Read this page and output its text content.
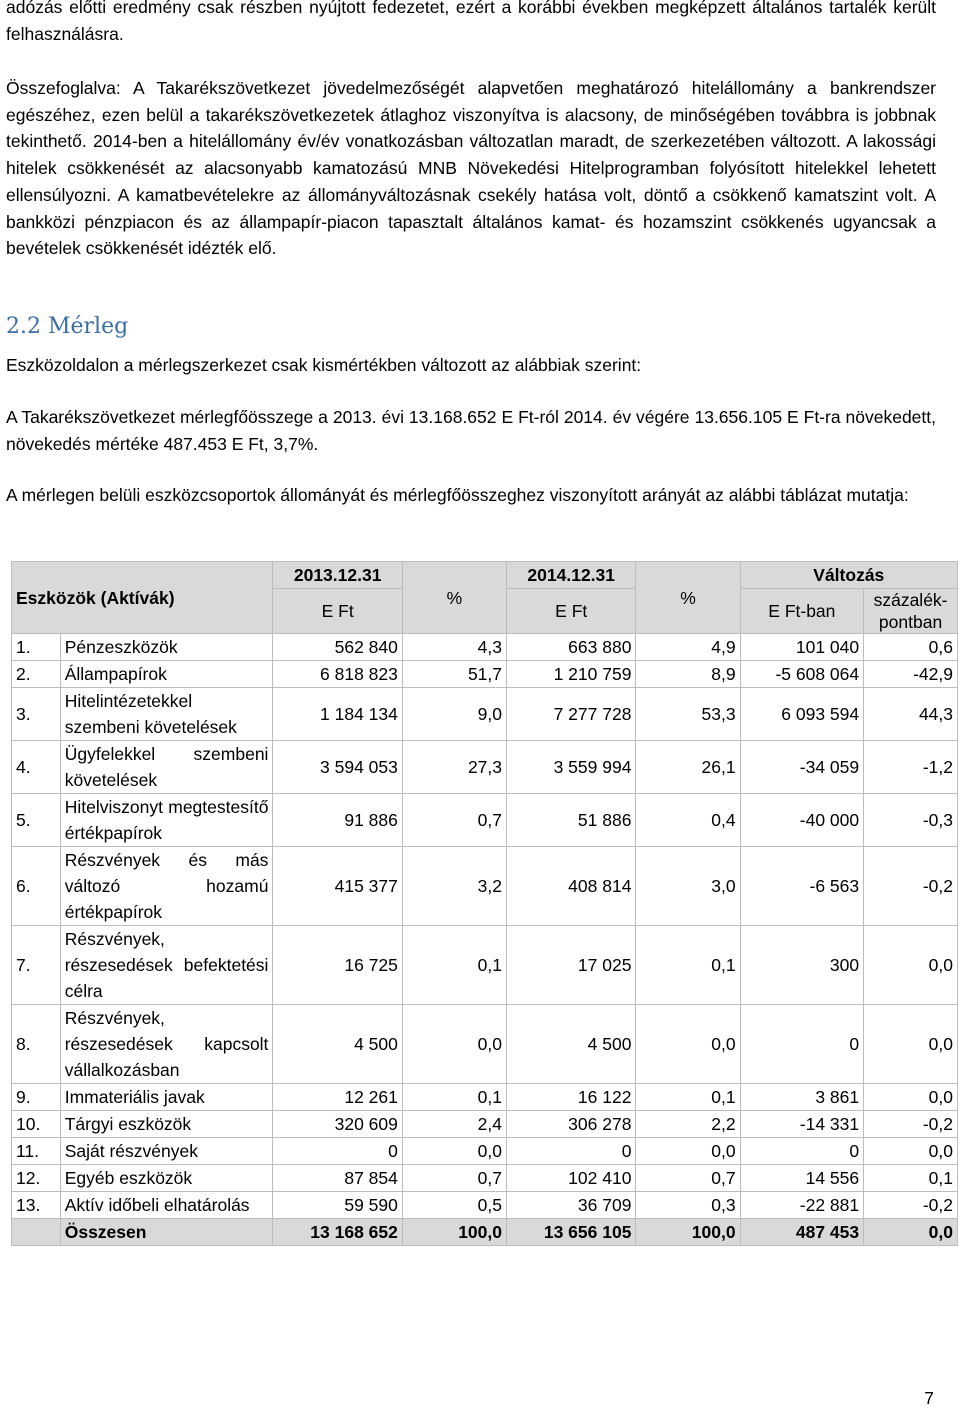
adózás előtti eredmény csak részben nyújtott fedezetet, ezért a korábbi években megképzett általános tartalék került felhasználásra.

Összefoglalva: A Takarékszövetkezet jövedelmezőségét alapvetően meghatározó hitelállomány a bankrendszer egészéhez, ezen belül a takarékszövetkezetek átlaghoz viszonyítva is alacsony, de minőségében továbbra is jobbnak tekinthető. 2014-ben a hitelállomány év/év vonatkozásban változatlan maradt, de szerkezetében változott. A lakossági hitelek csökkenését az alacsonyabb kamatozású MNB Növekedési Hitelprogramban folyósított hitelekkel lehetett ellensúlyozni. A kamatbevételekre az állományváltozásnak csekély hatása volt, döntő a csökkenő kamatszint volt. A bankközi pénzpiacon és az állampapír-piacon tapasztalt általános kamat- és hozamszint csökkenés ugyancsak a bevételek csökkenését idézték elő.

2.2 Mérleg

Eszközoldalon a mérlegszerkezet csak kismértékben változott az alábbiak szerint:

A Takarékszövetkezet mérlegfőösszege a 2013. évi 13.168.652 E Ft-ról 2014. év végére 13.656.105 E Ft-ra növekedett, növekedés mértéke 487.453 E Ft, 3,7%.

A mérlegen belüli eszközcsoportok állományát és mérlegfőösszeghez viszonyított arányát az alábbi táblázat mutatja:

Eszközök (Aktívák)		2013.12.31	%	2014.12.31	%	Változás	
		E Ft		E Ft		E Ft-ban	százalék-pontban
1.	Pénzeszközök	562 840	4,3	663 880	4,9	101 040	0,6
2.	Állampapírok	6 818 823	51,7	1 210 759	8,9	-5 608 064	-42,9
3.	Hitelintézetekkel szembeni követelések	1 184 134	9,0	7 277 728	53,3	6 093 594	44,3
4.	Ügyfelekkel szembeni követelések	3 594 053	27,3	3 559 994	26,1	-34 059	-1,2
5.	Hitelviszonyt megtestesítő értékpapírok	91 886	0,7	51 886	0,4	-40 000	-0,3
6.	Részvények és más változó hozamú értékpapírok	415 377	3,2	408 814	3,0	-6 563	-0,2
7.	Részvények, részesedések befektetési célra	16 725	0,1	17 025	0,1	300	0,0
8.	Részvények, részesedések kapcsolt vállalkozásban	4 500	0,0	4 500	0,0	0	0,0
9.	Immateriális javak	12 261	0,1	16 122	0,1	3 861	0,0
10.	Tárgyi eszközök	320 609	2,4	306 278	2,2	-14 331	-0,2
11.	Saját részvények	0	0,0	0	0,0	0	0,0
12.	Egyéb eszközök	87 854	0,7	102 410	0,7	14 556	0,1
13.	Aktív időbeli elhatárolás	59 590	0,5	36 709	0,3	-22 881	-0,2
	Összesen	13 168 652	100,0	13 656 105	100,0	487 453	0,0
7
